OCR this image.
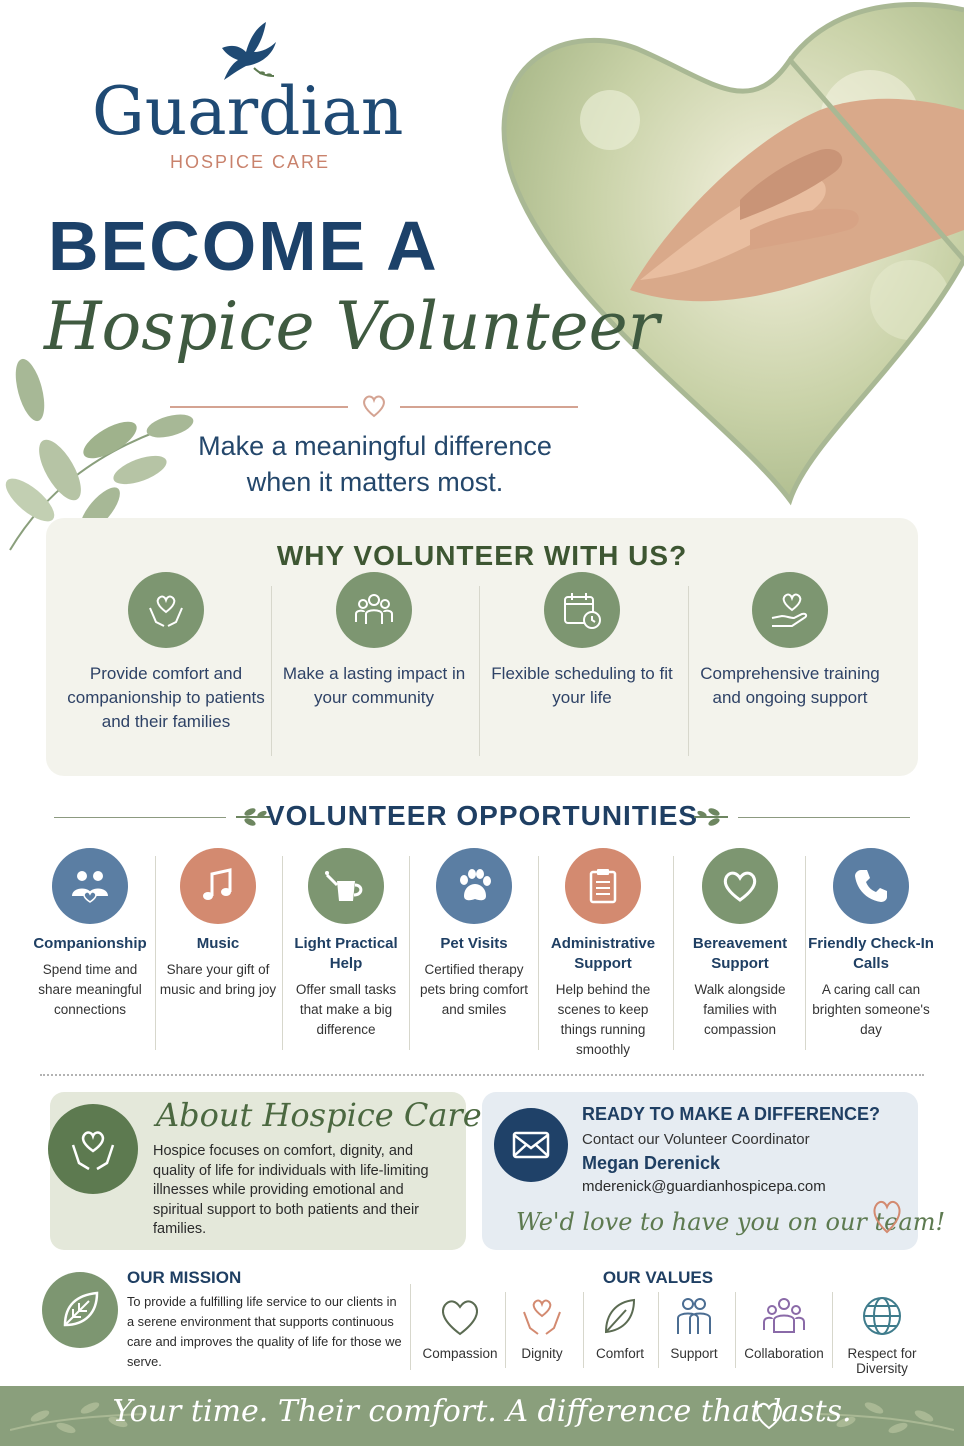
Guardian
HOSPICE CARE
BECOME A
Hospice Volunteer
Make a meaningful difference
when it matters most.
WHY VOLUNTEER WITH US?
Provide comfort and companionship to patients and their families
Make a lasting impact in your community
Flexible scheduling to fit your life
Comprehensive training and ongoing support
VOLUNTEER OPPORTUNITIES
Companionship
Spend time and share meaningful connections
Music
Share your gift of music and bring joy
Light Practical Help
Offer small tasks that make a big difference
Pet Visits
Certified therapy pets bring comfort and smiles
Administrative Support
Help behind the scenes to keep things running smoothly
Bereavement Support
Walk alongside families with compassion
Friendly Check-In Calls
A caring call can brighten someone's day
About Hospice Care
Hospice focuses on comfort, dignity, and quality of life for individuals with life-limiting illnesses while providing emotional and spiritual support to both patients and their families.
READY TO MAKE A DIFFERENCE?
Contact our Volunteer Coordinator
Megan Derenick
mderenick@guardianhospicepa.com
We'd love to have you on our team!
OUR MISSION
To provide a fulfilling life service to our clients in a serene environment that supports continuous care and improves the quality of life for those we serve.
OUR VALUES
Compassion	Dignity	Comfort	Support	Collaboration	Respect for Diversity
Your time. Their comfort. A difference that lasts.
